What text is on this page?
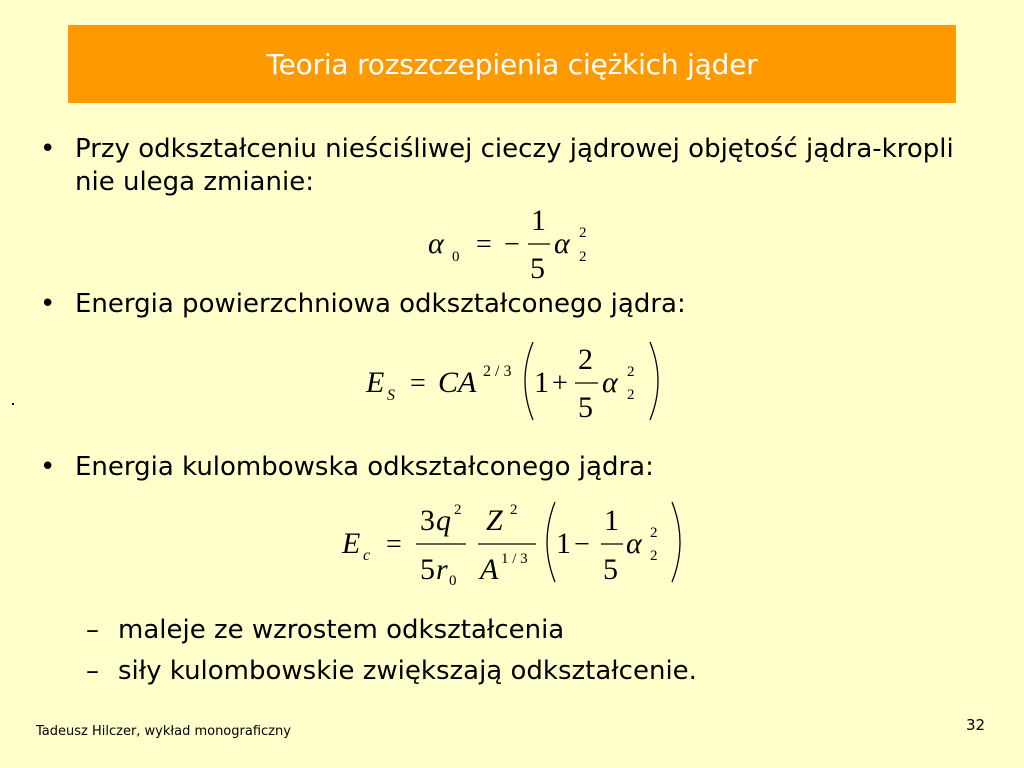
Teoria rozszczepienia ciężkich jąder
• Przy odkształceniu nieściśliwej cieczy jądrowej objętość jądra-kropli nie ulega zmianie:
α 0 = −
1
5
α 2
2
• Energia powierzchniowa odkształconego jądra:
E S = CA 2 / 3 1 +
2
5
α 2
2
• Energia kulombowska odkształconego jądra:
E c =
3 q 2
5 r 0
Z 2
A 1 / 3 1 −
1
5
α 2
2
– maleje ze wzrostem odkształcenia
– siły kulombowskie zwiększają odkształcenie.
Tadeusz Hilczer, wykład monograficzny	32
